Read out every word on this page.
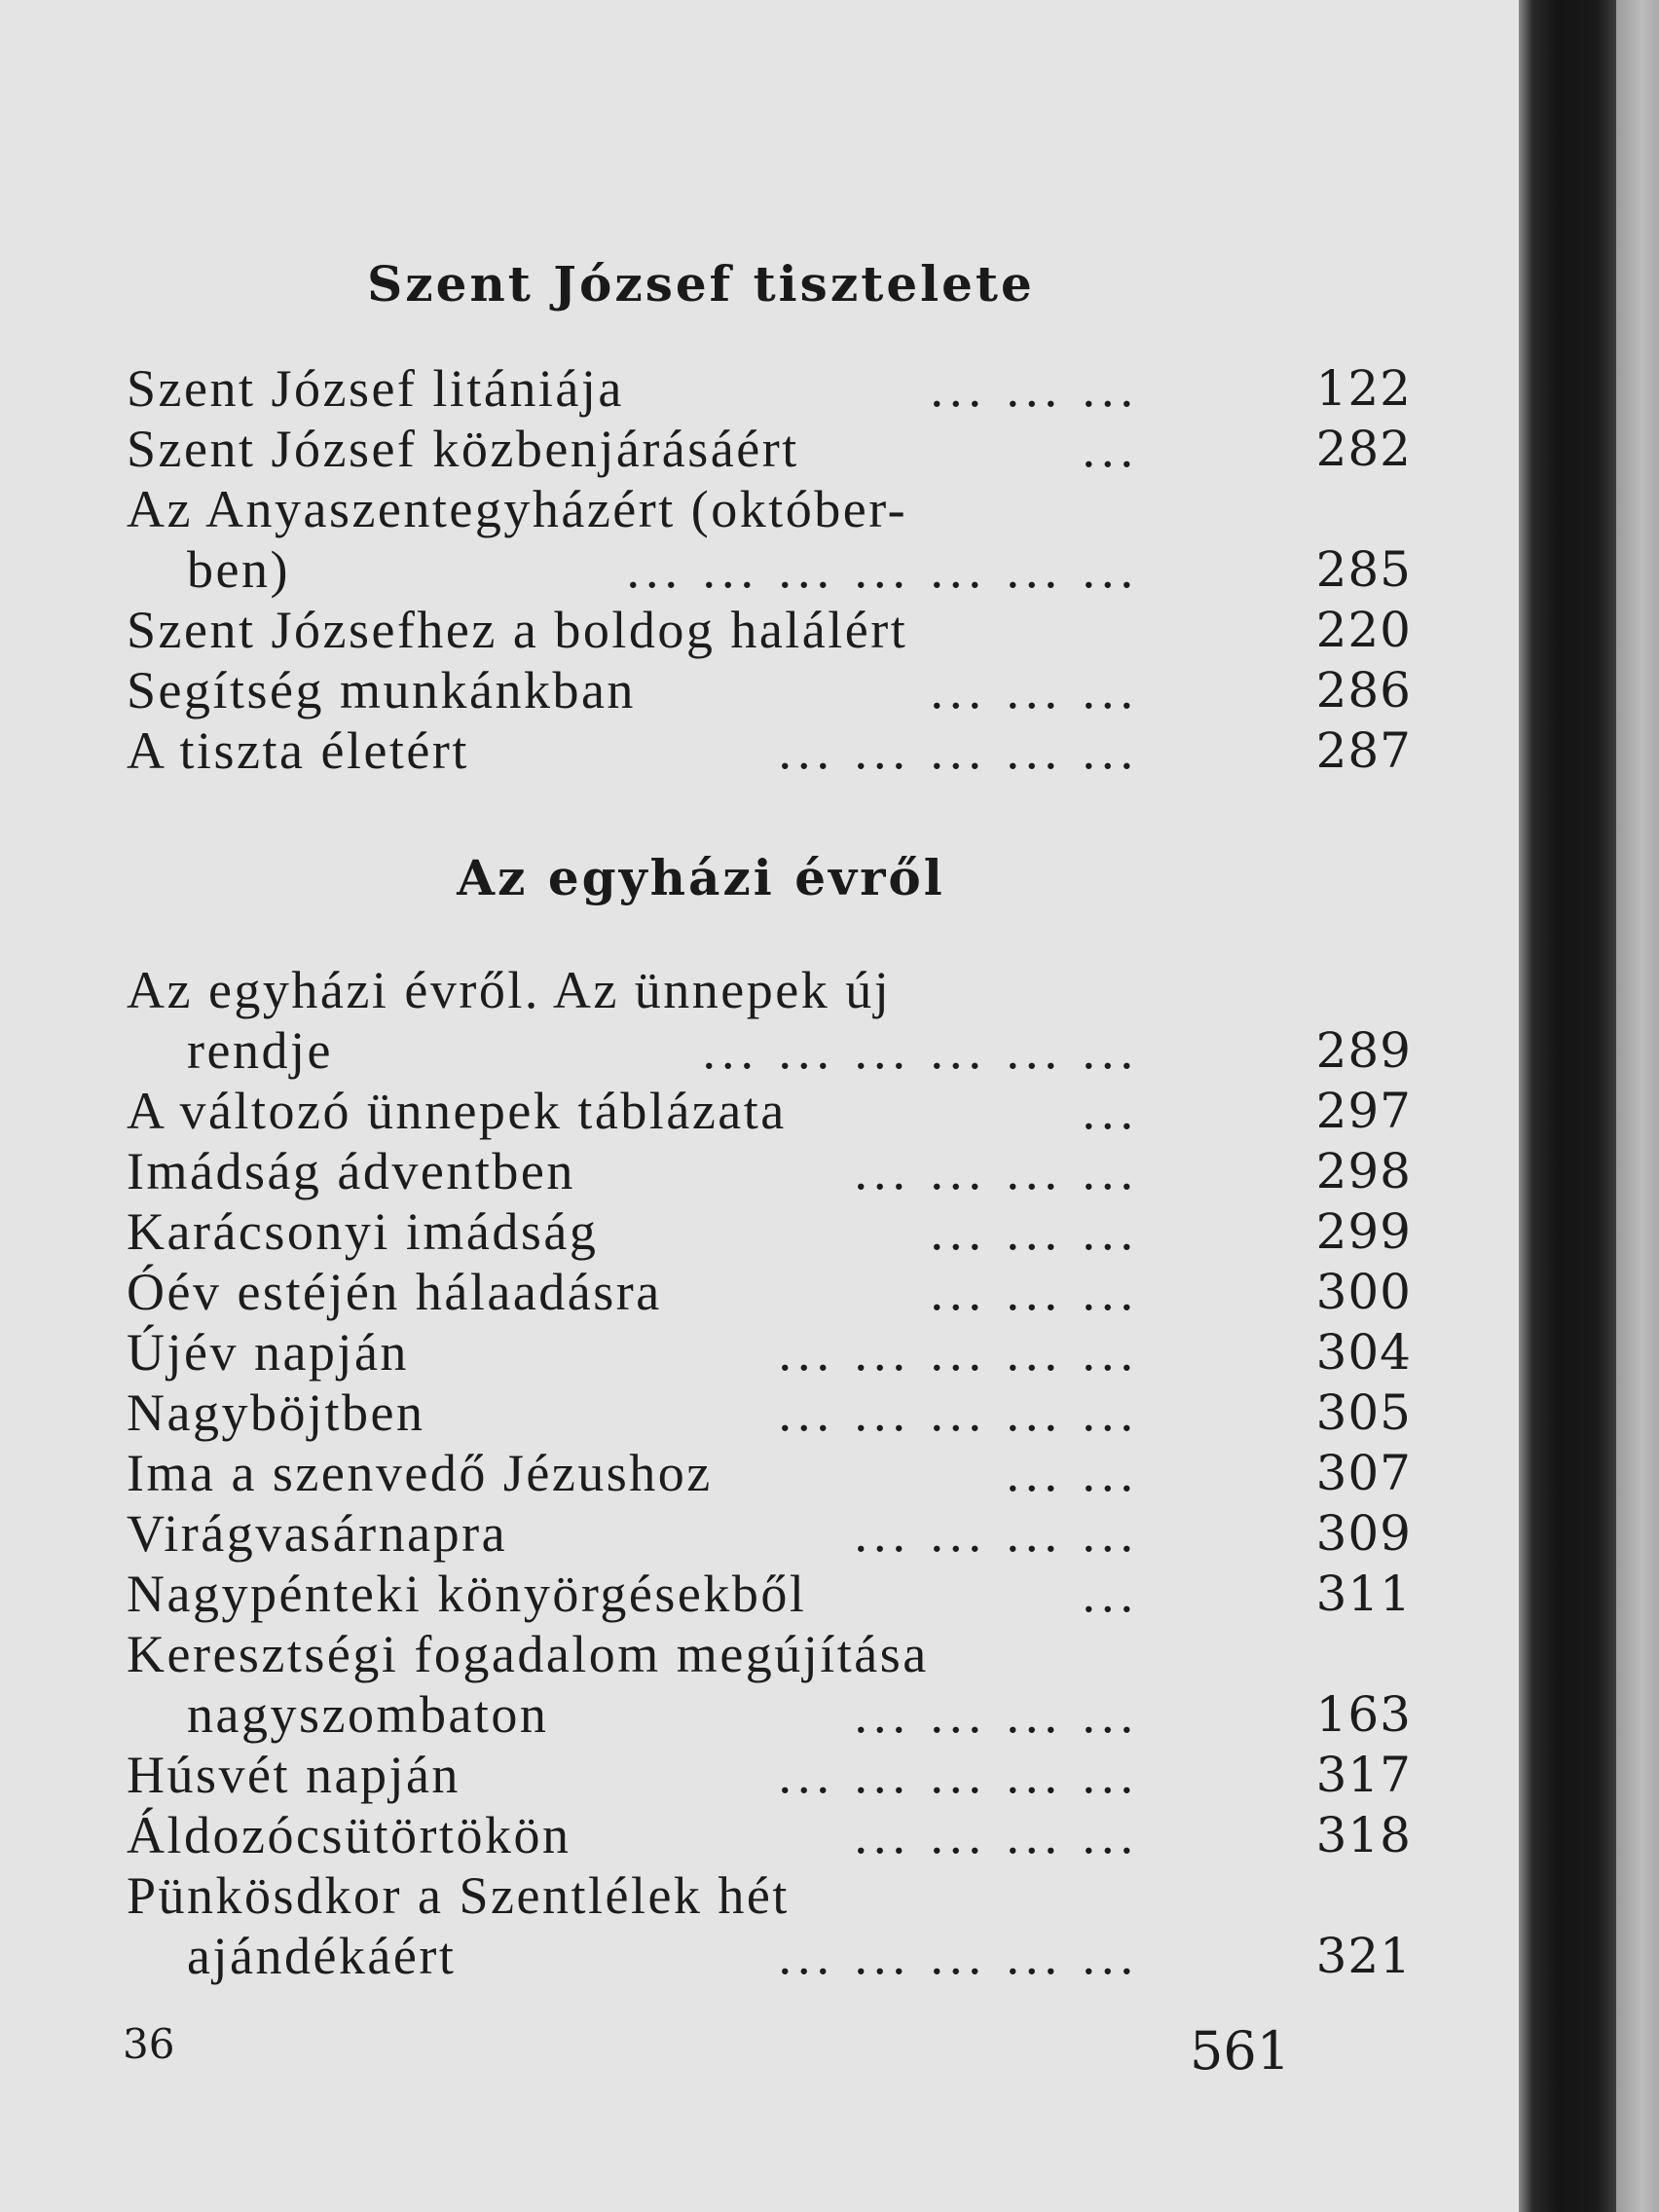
Szent József tisztelete
Szent József litániája	... ... ...	122
Szent József közbenjárásáért	...	282
Az Anyaszentegyházért (október-
ben)	... ... ... ... ... ... ...	285
Szent Józsefhez a boldog halálért	220
Segítség munkánkban	... ... ...	286
A tiszta életért	... ... ... ... ...	287
Az egyházi évről
Az egyházi évről. Az ünnepek új
rendje	... ... ... ... ... ...	289
A változó ünnepek táblázata	...	297
Imádság ádventben	... ... ... ...	298
Karácsonyi imádság	... ... ...	299
Óév estéjén hálaadásra	... ... ...	300
Újév napján	... ... ... ... ...	304
Nagyböjtben	... ... ... ... ...	305
Ima a szenvedő Jézushoz	... ...	307
Virágvasárnapra	... ... ... ...	309
Nagypénteki könyörgésekből	...	311
Keresztségi fogadalom megújítása
nagyszombaton	... ... ... ...	163
Húsvét napján	... ... ... ... ...	317
Áldozócsütörtökön	... ... ... ...	318
Pünkösdkor a Szentlélek hét
ajándékáért	... ... ... ... ...	321
36	561
